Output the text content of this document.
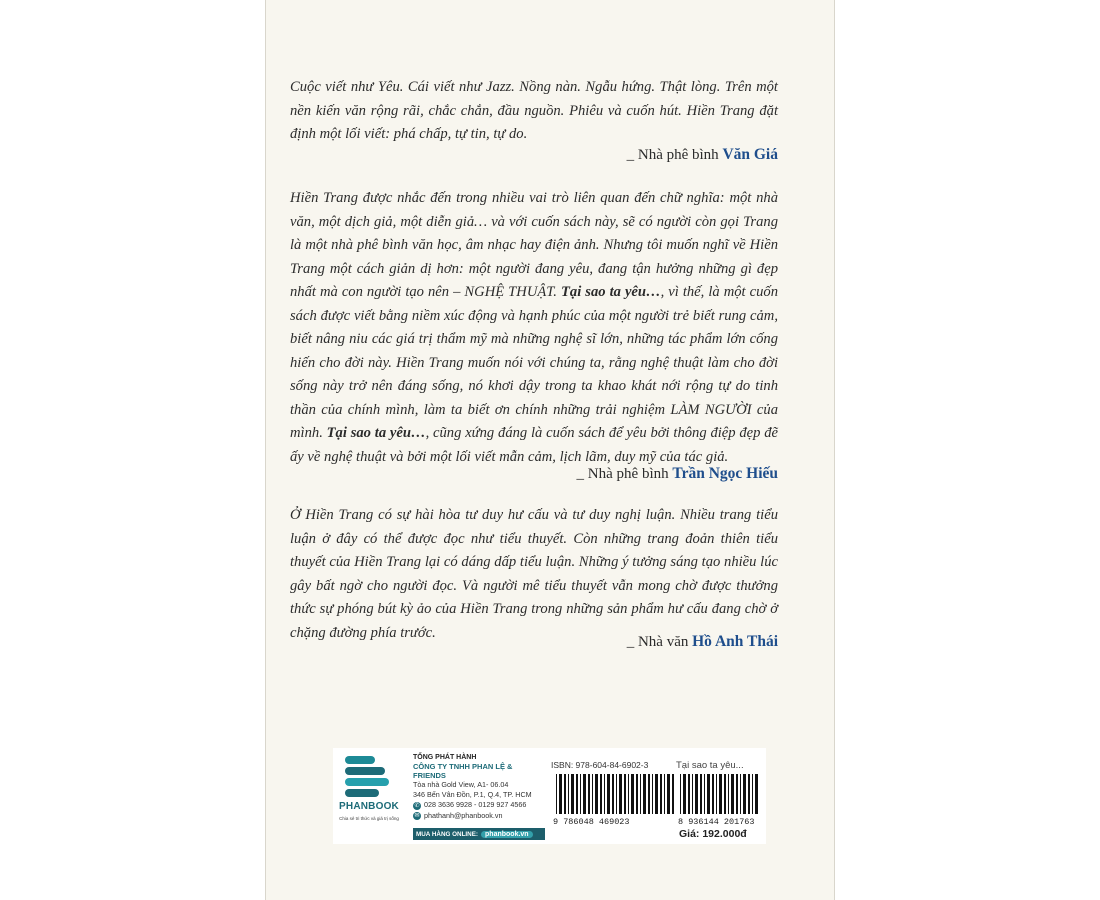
Cuộc viết như Yêu. Cái viết như Jazz. Nồng nàn. Ngẫu hứng. Thật lòng. Trên một nền kiến văn rộng rãi, chắc chắn, đầu nguồn. Phiêu và cuốn hút. Hiền Trang đặt định một lối viết: phá chấp, tự tin, tự do.
_ Nhà phê bình Văn Giá
Hiền Trang được nhắc đến trong nhiều vai trò liên quan đến chữ nghĩa: một nhà văn, một dịch giả, một diễn giả… và với cuốn sách này, sẽ có người còn gọi Trang là một nhà phê bình văn học, âm nhạc hay điện ảnh. Nhưng tôi muốn nghĩ về Hiền Trang một cách giản dị hơn: một người đang yêu, đang tận hưởng những gì đẹp nhất mà con người tạo nên – NGHỆ THUẬT. Tại sao ta yêu…, vì thế, là một cuốn sách được viết bằng niềm xúc động và hạnh phúc của một người trẻ biết rung cảm, biết nâng niu các giá trị thẩm mỹ mà những nghệ sĩ lớn, những tác phẩm lớn cống hiến cho đời này. Hiền Trang muốn nói với chúng ta, rằng nghệ thuật làm cho đời sống này trở nên đáng sống, nó khơi dậy trong ta khao khát nới rộng tự do tinh thần của chính mình, làm ta biết ơn chính những trải nghiệm LÀM NGƯỜI của mình. Tại sao ta yêu…, cũng xứng đáng là cuốn sách để yêu bởi thông điệp đẹp đẽ ấy về nghệ thuật và bởi một lối viết mẫn cảm, lịch lãm, duy mỹ của tác giả.
_ Nhà phê bình Trần Ngọc Hiếu
Ở Hiền Trang có sự hài hòa tư duy hư cấu và tư duy nghị luận. Nhiều trang tiểu luận ở đây có thể được đọc như tiểu thuyết. Còn những trang đoản thiên tiểu thuyết của Hiền Trang lại có dáng dấp tiểu luận. Những ý tưởng sáng tạo nhiều lúc gây bất ngờ cho người đọc. Và người mê tiểu thuyết vẫn mong chờ được thưởng thức sự phóng bút kỳ ảo của Hiền Trang trong những sản phẩm hư cấu đang chờ ở chặng đường phía trước.
_ Nhà văn Hồ Anh Thái
PHANBOOK
Chia sẻ tri thức và giá trị sống
TỔNG PHÁT HÀNH
CÔNG TY TNHH PHAN LỆ & FRIENDS
Tòa nhà Gold View, A1- 06.04
346 Bến Vân Đồn, P.1, Q.4, TP. HCM
✆ 028 3636 9928 - 0129 927 4566
✉ phathanh@phanbook.vn
MUA HÀNG ONLINE:	phanbook.vn
ISBN: 978-604-84-6902-3	Tại sao ta yêu...
9 786048 469023	8 936144 201763
Giá: 192.000đ
